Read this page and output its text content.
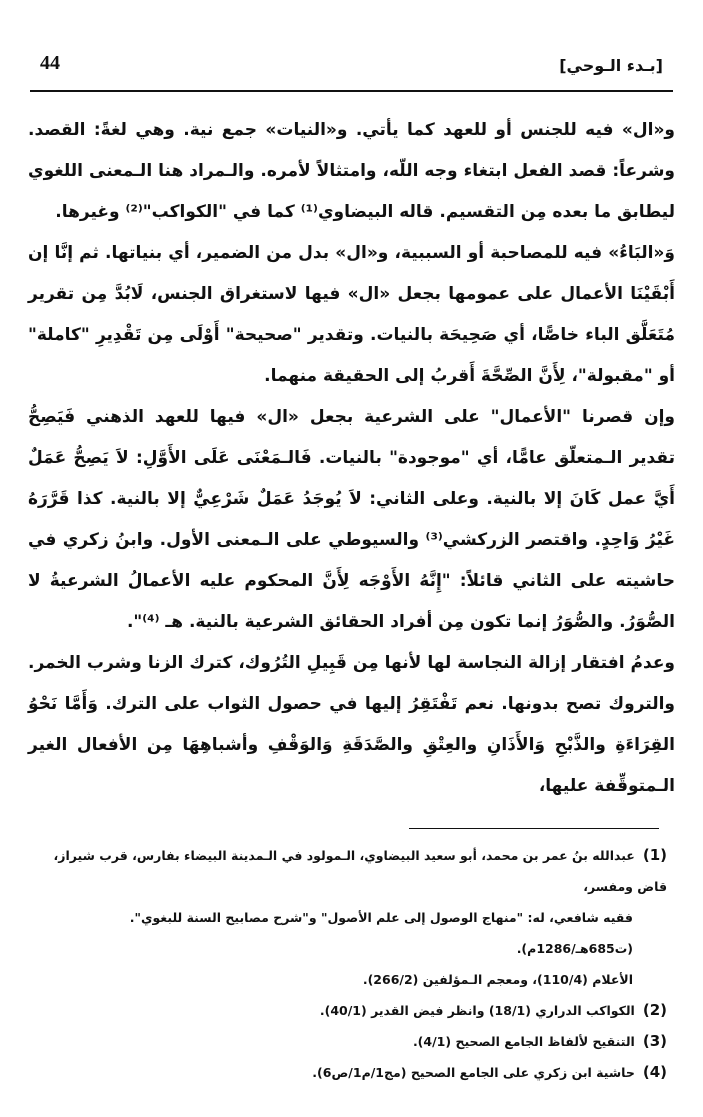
44	[بـدء الـوحي]

و«ال» فيه للجنس أو للعهد كما يأتي. و«النيات» جمع نية. وهي لغةً: القصد. وشرعاً: قصد الفعل ابتغاء وجه اللّه، وامتثالاً لأمره. والـمراد هنا الـمعنى اللغوي ليطابق ما بعده مِن التقسيم. قاله البيضاوي⁽¹⁾ كما في "الكواكب"⁽²⁾ وغيرها.

وَ«البَاءُ» فيه للمصاحبة أو السببية، و«ال» بدل من الضمير، أي بنياتها. ثم إنَّا إن أَبْقَيْنَا الأعمال على عمومها بجعل «ال» فيها لاستغراق الجنس، لَابُدَّ مِن تقرير مُتَعَلَّق الباء خاصًّا، أي صَحِيحَة بالنيات. وتقدير "صحيحة" أَوْلَى مِن تَقْدِيرِ "كاملة" أو "مقبولة"، لِأَنَّ الصِّحَّةَ أَقربُ إلى الحقيقة منهما.

وإن قصرنا "الأعمال" على الشرعية بجعل «ال» فيها للعهد الذهني فَيَصِحُّ تقدير الـمتعلّق عامًّا، أي "موجودة" بالنيات. فَالـمَعْنَى عَلَى الأَوَّلِ: لاَ يَصِحُّ عَمَلٌ أَيَّ عمل كَانَ إلا بالنية. وعلى الثاني: لاَ يُوجَدُ عَمَلٌ شَرْعِيٌّ إلا بالنية. كذا قَرَّرَهُ غَيْرُ وَاحِدٍ. واقتصر الزركشي⁽³⁾ والسيوطي على الـمعنى الأول. وابنُ زكري في حاشيته على الثاني قائلاً: "إِنَّهُ الأَوْجَه لِأَنَّ المحكوم عليه الأعمالُ الشرعيةُ لا الصُّوَرُ. والصُّوَرُ إنما تكون مِن أفراد الحقائق الشرعية بالنية. هـ ⁽⁴⁾".

وعدمُ افتقار إزالة النجاسة لها لأنها مِن قَبِيلِ التُرُوك، كترك الزنا وشرب الخمر. والتروك تصح بدونها. نعم تَفْتَقِرُ إليها في حصول الثواب على الترك. وَأَمَّا نَحْوُ القِرَاءَةِ والذَّبْحِ وَالأَذَانِ والعِتْقِ والصَّدَقَةِ وَالوَقْفِ وأشباهِهَا مِن الأفعال الغير الـمتوقِّفة عليها،

(1)عبدالله بنُ عمر بن محمد، أبو سعيد البيضاوي، الـمولود في الـمدينة البيضاء بفارس، قرب شيراز، قاض ومفسر،

فقيه شافعي، له: "منهاج الوصول إلى علم الأصول" و"شرح مصابيح السنة للبغوي". (ت685هـ/1286م).

الأعلام (110/4)، ومعجم الـمؤلفين (266/2).

(2)الكواكب الدراري (18/1) وانظر فيض القدير (40/1).

(3)التنقيح لألفاظ الجامع الصحيح (4/1).

(4)حاشية ابن زكري على الجامع الصحيح (مج1/م1/ص6).
